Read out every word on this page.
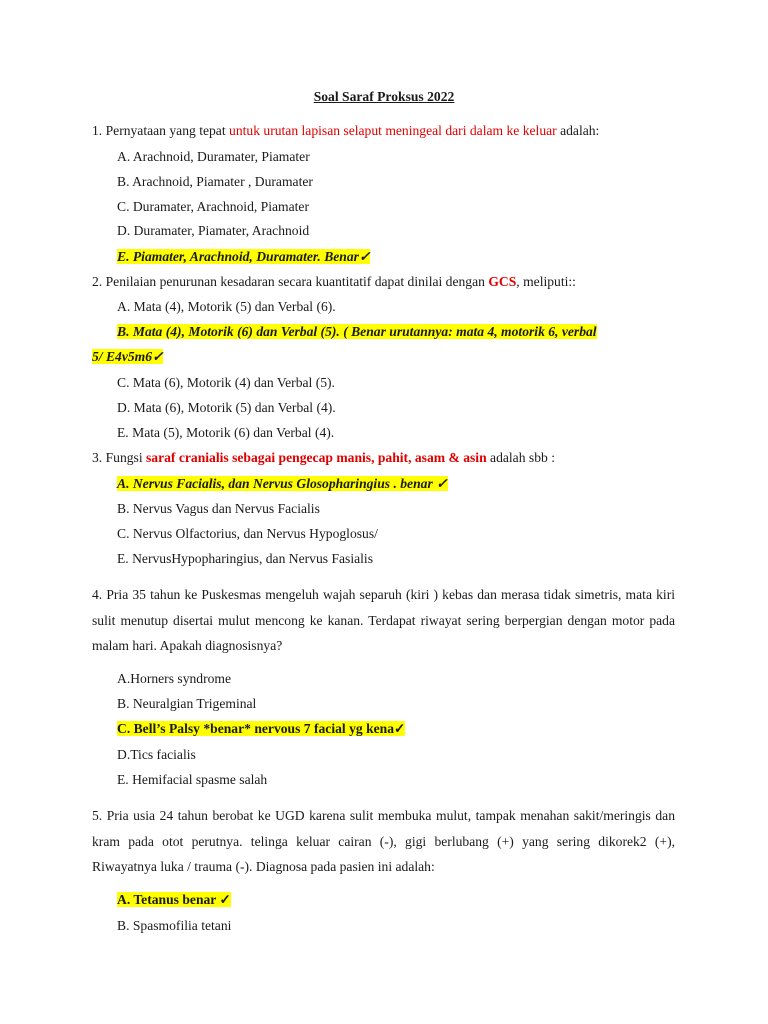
Soal Saraf Proksus 2022
1. Pernyataan yang tepat untuk urutan lapisan selaput meningeal dari dalam ke keluar adalah:
A. Arachnoid, Duramater, Piamater
B. Arachnoid, Piamater , Duramater
C. Duramater, Arachnoid, Piamater
D. Duramater, Piamater, Arachnoid
E. Piamater, Arachnoid, Duramater. Benar✓
2. Penilaian penurunan kesadaran secara kuantitatif dapat dinilai dengan GCS, meliputi::
A. Mata (4), Motorik (5) dan Verbal (6).
B. Mata (4), Motorik (6) dan Verbal (5). ( Benar urutannya: mata 4, motorik 6, verbal
5/ E4v5m6✓
C. Mata (6), Motorik (4) dan Verbal (5).
D. Mata (6), Motorik (5) dan Verbal (4).
E. Mata (5), Motorik (6) dan Verbal (4).
3. Fungsi saraf cranialis sebagai pengecap manis, pahit, asam & asin adalah sbb :
A. Nervus Facialis, dan Nervus Glosopharingius . benar ✓
B. Nervus Vagus dan Nervus Facialis
C. Nervus Olfactorius, dan Nervus Hypoglosus/
E. NervusHypopharingius, dan Nervus Fasialis
4. Pria 35 tahun ke Puskesmas mengeluh wajah separuh (kiri ) kebas dan merasa tidak simetris, mata kiri sulit menutup disertai mulut mencong ke kanan. Terdapat riwayat sering berpergian dengan motor pada malam hari. Apakah diagnosisnya?
A.Horners syndrome
B. Neuralgian Trigeminal
C. Bell’s Palsy *benar* nervous 7 facial yg kena✓
D.Tics facialis
E. Hemifacial spasme salah
5. Pria usia 24 tahun berobat ke UGD karena sulit membuka mulut, tampak menahan sakit/meringis dan kram pada otot perutnya. telinga keluar cairan (-), gigi berlubang (+) yang sering dikorek2 (+), Riwayatnya luka / trauma (-). Diagnosa pada pasien ini adalah:
A. Tetanus benar ✓
B. Spasmofilia tetani
